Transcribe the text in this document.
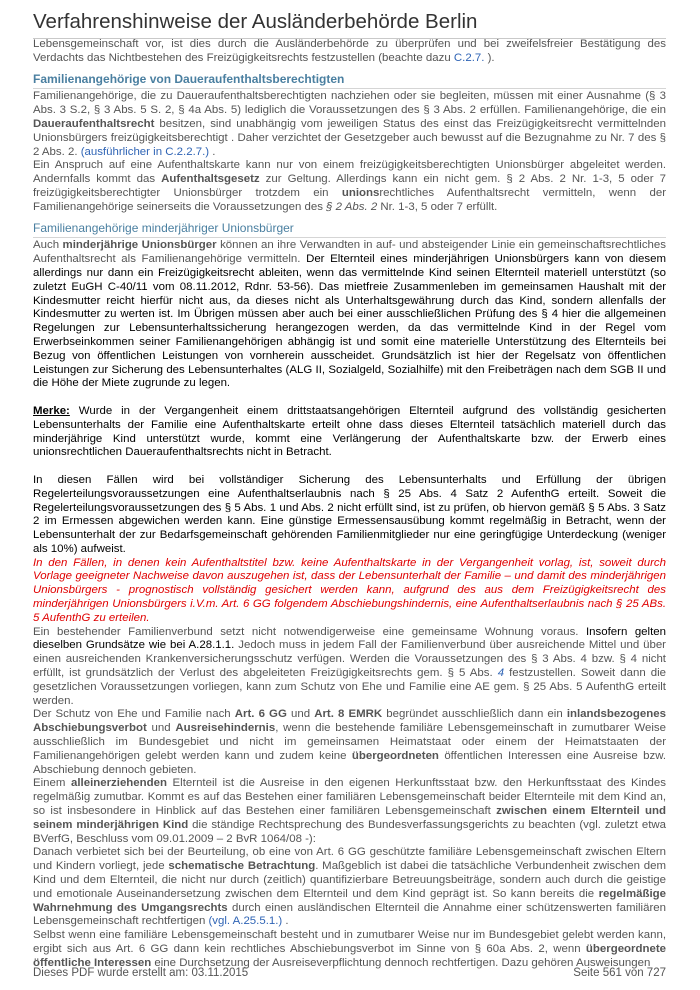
Verfahrenshinweise der Ausländerbehörde Berlin

Lebensgemeinschaft vor, ist dies durch die Ausländerbehörde zu überprüfen und bei zweifelsfreier Bestätigung des Verdachts das Nichtbestehen des Freizügigkeitsrechts festzustellen (beachte dazu C.2.7. ).

Familienangehörige von Daueraufenthaltsberechtigten

Familienangehörige, die zu Daueraufenthaltsberechtigten nachziehen oder sie begleiten, müssen mit einer Ausnahme (§ 3 Abs. 3 S.2, § 3 Abs. 5 S. 2, § 4a Abs. 5) lediglich die Voraussetzungen des § 3 Abs. 2 erfüllen. Familienangehörige, die ein Daueraufenthaltsrecht besitzen, sind unabhängig vom jeweiligen Status des einst das Freizügigkeitsrecht vermittelnden Unionsbürgers freizügigkeitsberechtigt . Daher verzichtet der Gesetzgeber auch bewusst auf die Bezugnahme zu Nr. 7 des § 2 Abs. 2. (ausführlicher in C.2.2.7.) .

Ein Anspruch auf eine Aufenthaltskarte kann nur von einem freizügigkeitsberechtigten Unionsbürger abgeleitet werden. Andernfalls kommt das Aufenthaltsgesetz zur Geltung. Allerdings kann ein nicht gem. § 2 Abs. 2 Nr. 1-3, 5 oder 7 freizügigkeitsberechtigter Unionsbürger trotzdem ein unionsrechtliches Aufenthaltsrecht vermitteln, wenn der Familienangehörige seinerseits die Voraussetzungen des § 2 Abs. 2 Nr. 1-3, 5 oder 7 erfüllt.

Familienangehörige minderjähriger Unionsbürger

Auch minderjährige Unionsbürger können an ihre Verwandten in auf- und absteigender Linie ein gemeinschaftsrechtliches Aufenthaltsrecht als Familienangehörige vermitteln. Der Elternteil eines minderjährigen Unionsbürgers kann von diesem allerdings nur dann ein Freizügigkeitsrecht ableiten, wenn das vermittelnde Kind seinen Elternteil materiell unterstützt (so zuletzt EuGH C-40/11 vom 08.11.2012, Rdnr. 53-56). Das mietfreie Zusammenleben im gemeinsamen Haushalt mit der Kindesmutter reicht hierfür nicht aus, da dieses nicht als Unterhaltsgewährung durch das Kind, sondern allenfalls der Kindesmutter zu werten ist. Im Übrigen müssen aber auch bei einer ausschließlichen Prüfung des § 4 hier die allgemeinen Regelungen zur Lebensunterhaltssicherung herangezogen werden, da das vermittelnde Kind in der Regel vom Erwerbseinkommen seiner Familienangehörigen abhängig ist und somit eine materielle Unterstützung des Elternteils bei Bezug von öffentlichen Leistungen von vornherein ausscheidet. Grundsätzlich ist hier der Regelsatz von öffentlichen Leistungen zur Sicherung des Lebensunterhaltes (ALG II, Sozialgeld, Sozialhilfe) mit den Freibeträgen nach dem SGB II und die Höhe der Miete zugrunde zu legen.

Merke: Wurde in der Vergangenheit einem drittstaatsangehörigen Elternteil aufgrund des vollständig gesicherten Lebensunterhalts der Familie eine Aufenthaltskarte erteilt ohne dass dieses Elternteil tatsächlich materiell durch das minderjährige Kind unterstützt wurde, kommt eine Verlängerung der Aufenthaltskarte bzw. der Erwerb eines unionsrechtlichen Daueraufenthaltsrechts nicht in Betracht.

In diesen Fällen wird bei vollständiger Sicherung des Lebensunterhalts und Erfüllung der übrigen Regelerteilungsvoraussetzungen eine Aufenthaltserlaubnis nach § 25 Abs. 4 Satz 2 AufenthG erteilt. Soweit die Regelerteilungsvoraussetzungen des § 5 Abs. 1 und Abs. 2 nicht erfüllt sind, ist zu prüfen, ob hiervon gemäß § 5 Abs. 3 Satz 2 im Ermessen abgewichen werden kann. Eine günstige Ermessensausübung kommt regelmäßig in Betracht, wenn der Lebensunterhalt der zur Bedarfsgemeinschaft gehörenden Familienmitglieder nur eine geringfügige Unterdeckung (weniger als 10%) aufweist.

In den Fällen, in denen kein Aufenthaltstitel bzw. keine Aufenthaltskarte in der Vergangenheit vorlag, ist, soweit durch Vorlage geeigneter Nachweise davon auszugehen ist, dass der Lebensunterhalt der Familie – und damit des minderjährigen Unionsbürgers - prognostisch vollständig gesichert werden kann, aufgrund des aus dem Freizügigkeitsrecht des minderjährigen Unionsbürgers i.V.m. Art. 6 GG folgendem Abschiebungshindernis, eine Aufenthaltserlaubnis nach § 25 ABs. 5 AufenthG zu erteilen.

Ein bestehender Familienverbund setzt nicht notwendigerweise eine gemeinsame Wohnung voraus. Insofern gelten dieselben Grundsätze wie bei A.28.1.1. Jedoch muss in jedem Fall der Familienverbund über ausreichende Mittel und über einen ausreichenden Krankenversicherungsschutz verfügen. Werden die Voraussetzungen des § 3 Abs. 4 bzw. § 4 nicht erfüllt, ist grundsätzlich der Verlust des abgeleiteten Freizügigkeitsrechts gem. § 5 Abs. 4 festzustellen. Soweit dann die gesetzlichen Voraussetzungen vorliegen, kann zum Schutz von Ehe und Familie eine AE gem. § 25 Abs. 5 AufenthG erteilt werden.

Der Schutz von Ehe und Familie nach Art. 6 GG und Art. 8 EMRK begründet ausschließlich dann ein inlandsbezogenes Abschiebungsverbot und Ausreisehindernis, wenn die bestehende familiäre Lebensgemeinschaft in zumutbarer Weise ausschließlich im Bundesgebiet und nicht im gemeinsamen Heimatstaat oder einem der Heimatstaaten der Familienangehörigen gelebt werden kann und zudem keine übergeordneten öffentlichen Interessen eine Ausreise bzw. Abschiebung dennoch gebieten.

Einem alleinerziehenden Elternteil ist die Ausreise in den eigenen Herkunftsstaat bzw. den Herkunftsstaat des Kindes regelmäßig zumutbar. Kommt es auf das Bestehen einer familiären Lebensgemeinschaft beider Elternteile mit dem Kind an, so ist insbesondere in Hinblick auf das Bestehen einer familiären Lebensgemeinschaft zwischen einem Elternteil und seinem minderjährigen Kind die ständige Rechtsprechung des Bundesverfassungsgerichts zu beachten (vgl. zuletzt etwa BVerfG, Beschluss vom 09.01.2009 – 2 BvR 1064/08 -):

Danach verbietet sich bei der Beurteilung, ob eine von Art. 6 GG geschützte familiäre Lebensgemeinschaft zwischen Eltern und Kindern vorliegt, jede schematische Betrachtung. Maßgeblich ist dabei die tatsächliche Verbundenheit zwischen dem Kind und dem Elternteil, die nicht nur durch (zeitlich) quantifizierbare Betreuungsbeiträge, sondern auch durch die geistige und emotionale Auseinandersetzung zwischen dem Elternteil und dem Kind geprägt ist. So kann bereits die regelmäßige Wahrnehmung des Umgangsrechts durch einen ausländischen Elternteil die Annahme einer schützenswerten familiären Lebensgemeinschaft rechtfertigen (vgl. A.25.5.1.) .

Selbst wenn eine familiäre Lebensgemeinschaft besteht und in zumutbarer Weise nur im Bundesgebiet gelebt werden kann, ergibt sich aus Art. 6 GG dann kein rechtliches Abschiebungsverbot im Sinne von § 60a Abs. 2, wenn übergeordnete öffentliche Interessen eine Durchsetzung der Ausreiseverpflichtung dennoch rechtfertigen. Dazu gehören Ausweisungen

Dieses PDF wurde erstellt am: 03.11.2015	Seite 561 von 727
